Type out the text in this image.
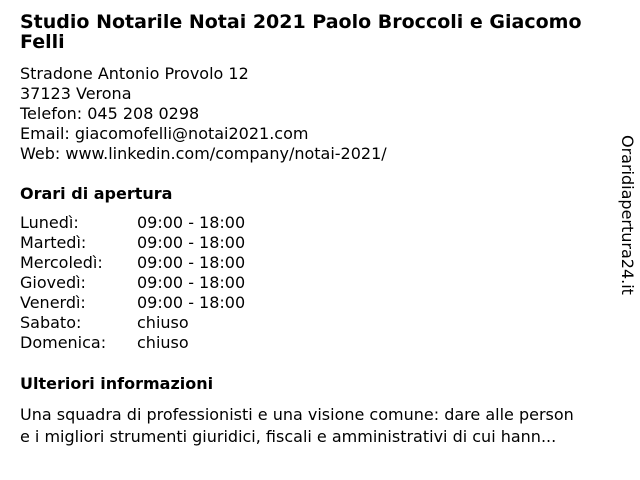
Studio Notarile Notai 2021 Paolo Broccoli e Giacomo Felli
Stradone Antonio Provolo 12
37123 Verona
Telefon: 045 208 0298
Email: giacomofelli@notai2021.com
Web: www.linkedin.com/company/notai-2021/
Orari di apertura
Lunedì:	09:00 - 18:00
Martedì:	09:00 - 18:00
Mercoledì:	09:00 - 18:00
Giovedì:	09:00 - 18:00
Venerdì:	09:00 - 18:00
Sabato:	chiuso
Domenica:	chiuso
Ulteriori informazioni
Una squadra di professionisti e una visione comune: dare alle person
e i migliori strumenti giuridici, fiscali e amministrativi di cui hann...
Oraridiapertura24.it
